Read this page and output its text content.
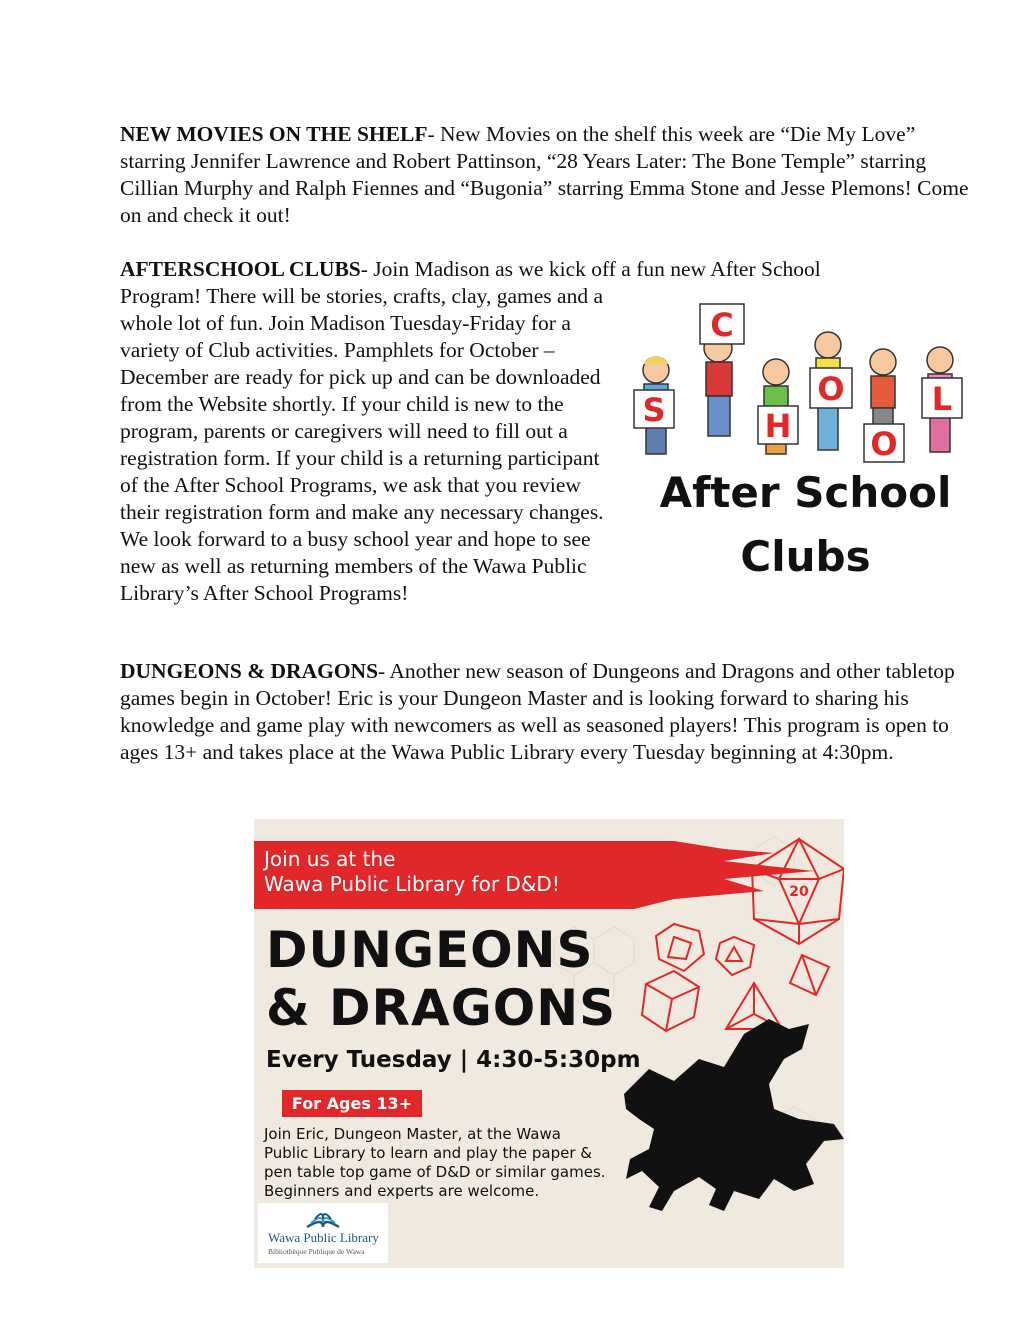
NEW MOVIES ON THE SHELF- New Movies on the shelf this week are “Die My Love” starring Jennifer Lawrence and Robert Pattinson, “28 Years Later: The Bone Temple” starring Cillian Murphy and Ralph Fiennes and “Bugonia” starring Emma Stone and Jesse Plemons! Come on and check it out!

AFTERSCHOOL CLUBS- Join Madison as we kick off a fun new After School

Program! There will be stories, crafts, clay, games and a whole lot of fun. Join Madison Tuesday-Friday for a variety of Club activities. Pamphlets for October – December are ready for pick up and can be downloaded from the Website shortly. If your child is new to the program, parents or caregivers will need to fill out a registration form. If your child is a returning participant of the After School Programs, we ask that you review their registration form and make any necessary changes. We look forward to a busy school year and hope to see new as well as returning members of the Wawa Public Library’s After School Programs!

S
C
H
O
O
L
After School
Clubs

DUNGEONS & DRAGONS- Another new season of Dungeons and Dragons and other tabletop games begin in October! Eric is your Dungeon Master and is looking forward to sharing his knowledge and game play with newcomers as well as seasoned players! This program is open to ages 13+ and takes place at the Wawa Public Library every Tuesday beginning at 4:30pm.

20
Join us at the
Wawa Public Library for D&D!
DUNGEONS
& DRAGONS
Every Tuesday | 4:30-5:30pm
For Ages 13+
Join Eric, Dungeon Master, at the Wawa
Public Library to learn and play the paper &
pen table top game of D&D or similar games.
Beginners and experts are welcome.
Wawa Public Library
Bibliothèque Publique de Wawa
